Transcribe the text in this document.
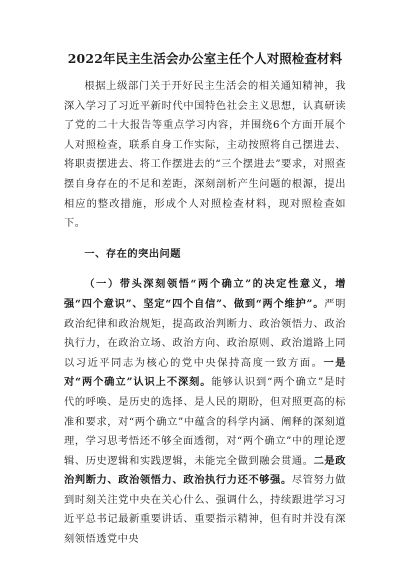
2022年民主生活会办公室主任个人对照检查材料

根据上级部门关于开好民主生活会的相关通知精神，我深入学习了习近平新时代中国特色社会主义思想，认真研读了党的二十大报告等重点学习内容，并围绕6个方面开展个人对照检查，联系自身工作实际，主动按照将自己摆进去、将职责摆进去、将工作摆进去的“三个摆进去”要求，对照查摆自身存在的不足和差距，深刻剖析产生问题的根源，提出相应的整改措施，形成个人对照检查材料，现对照检查如下。

一、存在的突出问题

（一）带头深刻领悟“两个确立”的决定性意义，增强“四个意识”、坚定“四个自信”、做到“两个维护”。严明政治纪律和政治规矩，提高政治判断力、政治领悟力、政治执行力，在政治立场、政治方向、政治原则、政治道路上同以习近平同志为核心的党中央保持高度一致方面。一是对“两个确立”认识上不深刻。能够认识到“两个确立”是时代的呼唤、是历史的选择、是人民的期盼，但对照更高的标准和要求，对“两个确立”中蕴含的科学内涵、阐释的深刻道理，学习思考悟还不够全面透彻，对“两个确立”中的理论逻辑、历史逻辑和实践逻辑，未能完全做到融会贯通。二是政治判断力、政治领悟力、政治执行力还不够强。尽管努力做到时刻关注党中央在关心什么、强调什么，持续跟进学习习近平总书记最新重要讲话、重要指示精神，但有时并没有深刻领悟透党中央
